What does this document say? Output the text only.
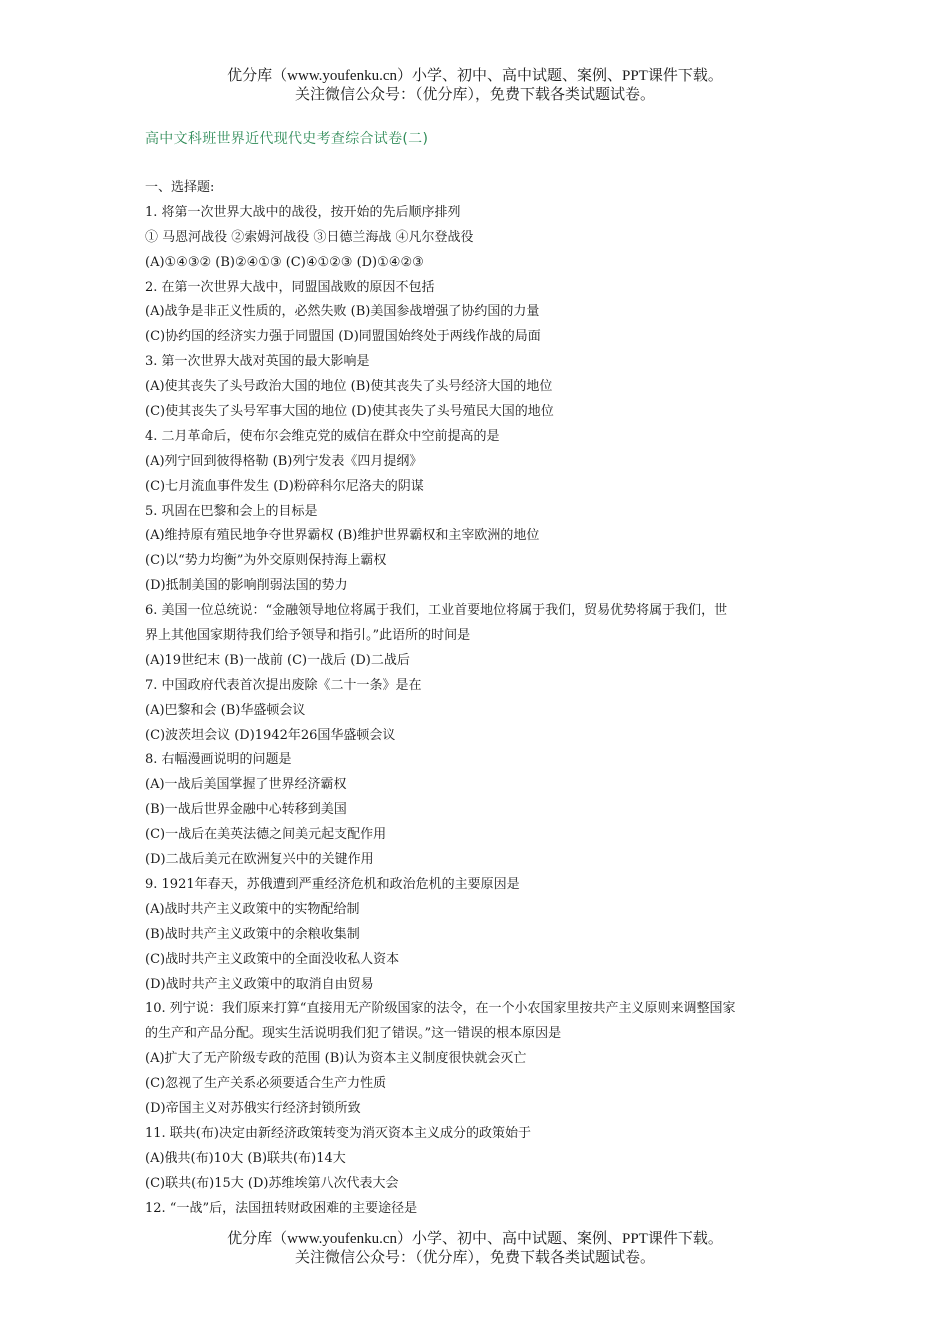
优分库（www.youfenku.cn）小学、初中、高中试题、案例、PPT课件下载。
关注微信公众号：（优分库），免费下载各类试题试卷。
高中文科班世界近代现代史考查综合试卷(二)
一、选择题:
1. 将第一次世界大战中的战役，按开始的先后顺序排列
① 马恩河战役 ②索姆河战役 ③日德兰海战 ④凡尔登战役
(A)①④③② (B)②④①③ (C)④①②③ (D)①④②③
2. 在第一次世界大战中，同盟国战败的原因不包括
(A)战争是非正义性质的，必然失败 (B)美国参战增强了协约国的力量
(C)协约国的经济实力强于同盟国 (D)同盟国始终处于两线作战的局面
3. 第一次世界大战对英国的最大影响是
(A)使其丧失了头号政治大国的地位 (B)使其丧失了头号经济大国的地位
(C)使其丧失了头号军事大国的地位 (D)使其丧失了头号殖民大国的地位
4. 二月革命后，使布尔会维克党的威信在群众中空前提高的是
(A)列宁回到彼得格勒 (B)列宁发表《四月提纲》
(C)七月流血事件发生 (D)粉碎科尔尼洛夫的阴谋
5. 巩固在巴黎和会上的目标是
(A)维持原有殖民地争夺世界霸权 (B)维护世界霸权和主宰欧洲的地位
(C)以“势力均衡”为外交原则保持海上霸权
(D)抵制美国的影响削弱法国的势力
6. 美国一位总统说：“金融领导地位将属于我们，工业首要地位将属于我们，贸易优势将属于我们，世
界上其他国家期待我们给予领导和指引。”此语所的时间是
(A)19世纪末 (B)一战前 (C)一战后 (D)二战后
7. 中国政府代表首次提出废除《二十一条》是在
(A)巴黎和会 (B)华盛顿会议
(C)波茨坦会议 (D)1942年26国华盛顿会议
8. 右幅漫画说明的问题是
(A)一战后美国掌握了世界经济霸权
(B)一战后世界金融中心转移到美国
(C)一战后在美英法德之间美元起支配作用
(D)二战后美元在欧洲复兴中的关键作用
9. 1921年春天，苏俄遭到严重经济危机和政治危机的主要原因是
(A)战时共产主义政策中的实物配给制
(B)战时共产主义政策中的余粮收集制
(C)战时共产主义政策中的全面没收私人资本
(D)战时共产主义政策中的取消自由贸易
10. 列宁说：我们原来打算“直接用无产阶级国家的法令，在一个小农国家里按共产主义原则来调整国家
的生产和产品分配。现实生活说明我们犯了错误。”这一错误的根本原因是
(A)扩大了无产阶级专政的范围 (B)认为资本主义制度很快就会灭亡
(C)忽视了生产关系必须要适合生产力性质
(D)帝国主义对苏俄实行经济封锁所致
11. 联共(布)决定由新经济政策转变为消灭资本主义成分的政策始于
(A)俄共(布)10大 (B)联共(布)14大
(C)联共(布)15大 (D)苏维埃第八次代表大会
12. “一战”后，法国扭转财政困难的主要途径是
优分库（www.youfenku.cn）小学、初中、高中试题、案例、PPT课件下载。
关注微信公众号：（优分库），免费下载各类试题试卷。
